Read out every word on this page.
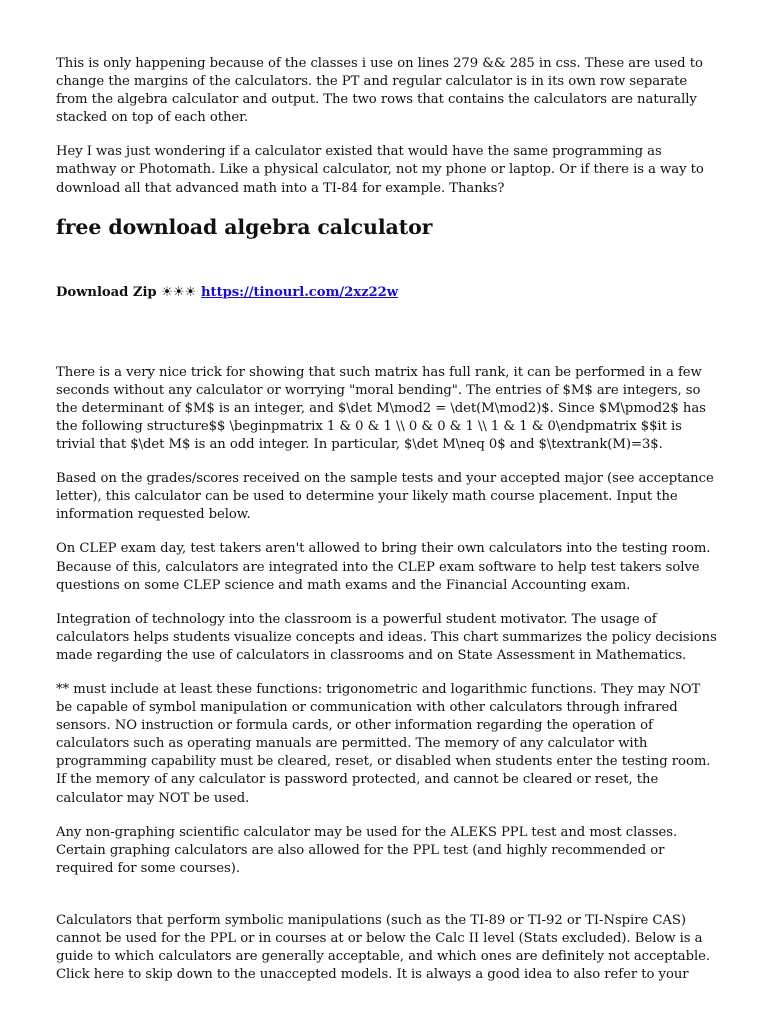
This is only happening because of the classes i use on lines 279 && 285 in css. These are used to change the margins of the calculators. the PT and regular calculator is in its own row separate from the algebra calculator and output. The two rows that contains the calculators are naturally stacked on top of each other.

Hey I was just wondering if a calculator existed that would have the same programming as mathway or Photomath. Like a physical calculator, not my phone or laptop. Or if there is a way to download all that advanced math into a TI-84 for example. Thanks?

free download algebra calculator

Download Zip ☀☀☀ https://tinourl.com/2xz22w

There is a very nice trick for showing that such matrix has full rank, it can be performed in a few seconds without any calculator or worrying "moral bending". The entries of $M$ are integers, so the determinant of $M$ is an integer, and $\det M\mod2 = \det(M\mod2)$. Since $M\pmod2$ has the following structure$$ \beginpmatrix 1 & 0 & 1 \\ 0 & 0 & 1 \\ 1 & 1 & 0\endpmatrix $$it is trivial that $\det M$ is an odd integer. In particular, $\det M\neq 0$ and $\textrank(M)=3$.

Based on the grades/scores received on the sample tests and your accepted major (see acceptance letter), this calculator can be used to determine your likely math course placement. Input the information requested below.

On CLEP exam day, test takers aren't allowed to bring their own calculators into the testing room. Because of this, calculators are integrated into the CLEP exam software to help test takers solve questions on some CLEP science and math exams and the Financial Accounting exam.

Integration of technology into the classroom is a powerful student motivator. The usage of calculators helps students visualize concepts and ideas. This chart summarizes the policy decisions made regarding the use of calculators in classrooms and on State Assessment in Mathematics.

** must include at least these functions: trigonometric and logarithmic functions. They may NOT be capable of symbol manipulation or communication with other calculators through infrared sensors. NO instruction or formula cards, or other information regarding the operation of calculators such as operating manuals are permitted. The memory of any calculator with programming capability must be cleared, reset, or disabled when students enter the testing room. If the memory of any calculator is password protected, and cannot be cleared or reset, the calculator may NOT be used.

Any non-graphing scientific calculator may be used for the ALEKS PPL test and most classes. Certain graphing calculators are also allowed for the PPL test (and highly recommended or required for some courses).

Calculators that perform symbolic manipulations (such as the TI-89 or TI-92 or TI-Nspire CAS) cannot be used for the PPL or in courses at or below the Calc II level (Stats excluded). Below is a guide to which calculators are generally acceptable, and which ones are definitely not acceptable. Click here to skip down to the unaccepted models. It is always a good idea to also refer to your
